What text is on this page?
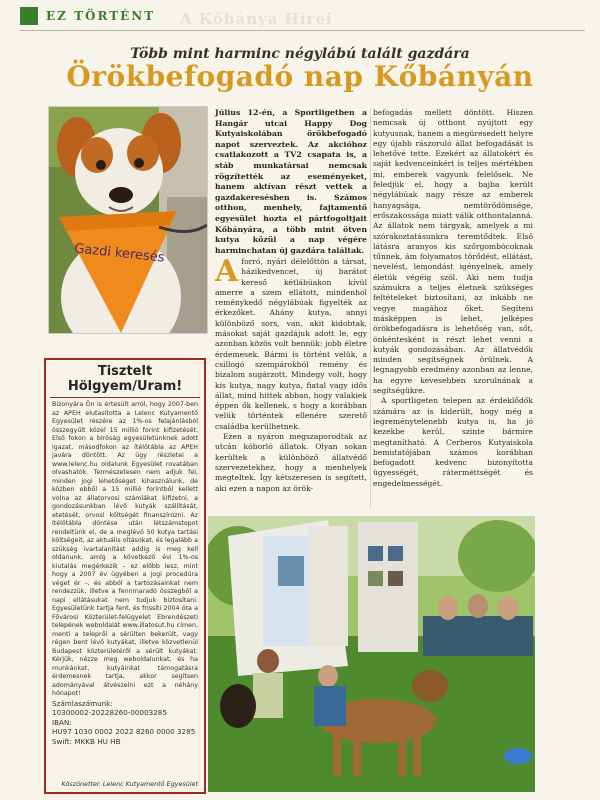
EZ TÖRTÉNT A Kőbánya Hírei
Több mint harminc négylábú talált gazdára
Örökbefogadó nap Kőbányán
Gazdi keresés
Július 12-én, a Sportligetben a Hangár utcai Happy Dog Kutyaiskolában örökbefogadó napot szerveztek. Az akcióhoz csatlakozott a TV2 csapata is, a stáb munkatársai nemcsak rögzítették az eseményeket, hanem aktívan részt vettek a gazdakeresésben is. Számos otthon, menhely, fajtamentő egyesület hozta el pártfogoltjait Kőbányára, a több mint ötven kutya közül a nap végére harminchatan új gazdára találtak.

Aforró, nyári délelőttön a társat, házikedvencet, új barátot kereső kétlábúakon kívül amerre a szem ellátott, mindenhol reménykedő négylábúak figyelték az érkezőket. Ahány kutya, annyi különböző sors, van, akit kidobtak, másokat saját gazdájuk adott le, egy azonban közös volt bennük: jobb életre érdemesek. Bármi is történt velük, a csillogó szempárokból remény és bizalom sugárzott. Mindegy volt, hogy kis kutya, nagy kutya, fiatal vagy idős állat, mind hittek abban, hogy valakiek éppen ők kellenek, s hogy a korábban velük történtek ellenére szerető családba kerülhetnek.

Ezen a nyáron megszaporodtak az utcán kóborló állatok. Olyan sokan kerültek a különböző állatvédő szervezetekhez, hogy a menhelyek megteltek. Így kétszeresen is segített, aki ezen a napon az örök-

befogadás mellett döntött. Hiszen nemcsak új otthont nyújtott egy kutyusnak, hanem a megüresedett helyre egy újabb rászoruló állat befogadását is lehetővé tette. Ezekért az állatokért és saját kedvenceinkért is teljes mértékben mi, emberek vagyunk felelősek. Ne feledjük el, hogy a bajba került négylábúak nagy része az emberek hanyagsága, nemtörődömsége, erőszakossága miatt válik otthontalanná. Az állatok nem tárgyak, amelyek a mi szórakoztatásunkra teremtődtek. Első látásra aranyos kis szőrgombócoknak tűnnek, ám folyamatos törődést, ellátást, nevelést, lemondást igényelnek, amely életük végéig szól. Aki nem tudja számukra a teljes életnek szükséges feltételeket biztosítani, az inkább ne vegye magához őket. Segíteni másképpen is lehet, jelképes örökbefogadásra is lehetőség van, sőt, önkéntesként is részt lehet venni a kutyák gondozásában. Az állatvédők minden segítségnek örülnek. A legnagyobb eredmény azonban az lenne, ha egyre kevesebben szorulnának a segítségükre.

A sportligeten telepen az érdeklődők számára az is kiderült, hogy még a legreménytelenebb kutya is, ha jó kezekbe kerül, szinte bármire megtanítható. A Cerberos Kutyaiskola bemutatójában számos korábban befogadott kedvenc bizonyította ügyességét, ráterméttségét és engedelmességét.

Tisztelt Hölgyem/Uram!

Bizonyára Ön is értesült arról, hogy 2007-ben az APEH elutasította a Lelenc Kutyamentő Egyesület részére az 1%-os felajánlásból összegyűlt közel 15 millió forint kifizetését. Első fokon a bíróság egyesületünknek adott igazat, másodfokon az ítélőtábla az APEH javára döntött. Az ügy részletei a www.lelenc.hu oldalunk Egyesület rovatában olvashatók. Természetesen nem adjuk fel, minden jogi lehetőséget kihasználunk, de közben ebből a 15 millió forintból kellett volna az állatorvosi számlákat kifizetni, a gondozásunkban lévő kutyák szállítását, etetését, orvosi költségét finanszírozni. Az ítélőtábla döntése után létszámstopot rendeltünk el, de a meglévő 50 kutya tartási költségeit, az aktuális oltásokat, és legalább a szükség ivartalanítást addig is meg kell oldanunk, amíg a következő évi 1%-os kiutalás megérkezik – ez előbb lesz, mint hogy a 2007 év ügyében a jogi procedúra véget ér –, és abból a tartozásainkat nem rendezzük, illetve a fennmaradó összegből a napi ellátásukat nem tudjuk biztosítani. Egyesületünk tartja fent, és frissíti 2004 óta a Fővárosi Közterület-felügyelet Ebrendészeti telepének weboldalát www.illatosut.hu címen, menti a telepről a sérülten bekerült, vagy régen bent lévő kutyákat, illetve közvetlenül Budapest közterületéről a sérült kutyákat. Kérjük, nézze meg weboldalunkat, és ha munkánkat, kutyáinkat támogatásra érdemesnek tartja, akkor segítsen adományával átvészelni ezt a néhány hónapot!

Számlaszámunk:
10300002-20228260-00003285
IBAN:
HU97 1030 0002 2022 8260 0000 3285
Swift: MKKB HU HB
Köszönettel: Lelenc Kutyamentő Egyesület
